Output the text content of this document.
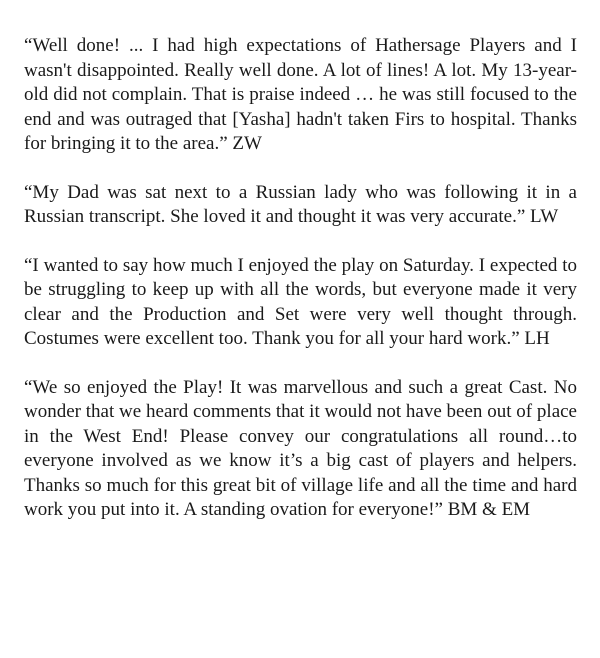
“Well done! ... I had high expectations of Hathersage Players and I wasn't disappointed. Really well done. A lot of lines! A lot. My 13-year-old did not complain. That is praise indeed … he was still focused to the end and was outraged that [Yasha] hadn't taken Firs to hospital. Thanks for bringing it to the area.” ZW

“My Dad was sat next to a Russian lady who was following it in a Russian transcript. She loved it and thought it was very accurate.” LW

“I wanted to say how much I enjoyed the play on Saturday. I expected to be struggling to keep up with all the words, but everyone made it very clear and the Production and Set were very well thought through. Costumes were excellent too. Thank you for all your hard work.” LH

“We so enjoyed the Play! It was marvellous and such a great Cast. No wonder that we heard comments that it would not have been out of place in the West End! Please convey our congratulations all round…to everyone involved as we know it’s a big cast of players and helpers. Thanks so much for this great bit of village life and all the time and hard work you put into it. A standing ovation for everyone!” BM & EM
